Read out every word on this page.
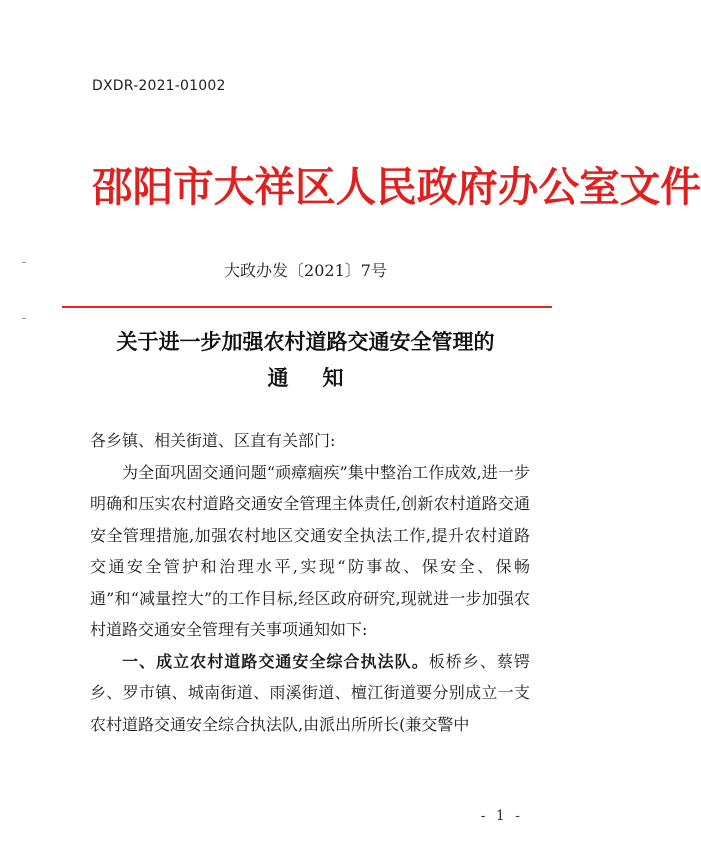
DXDR-2021-01002
邵阳市大祥区人民政府办公室文件
大政办发〔2021〕7号
关于进一步加强农村道路交通安全管理的
通知

各乡镇、相关街道、区直有关部门:

为全面巩固交通问题“顽瘴痼疾”集中整治工作成效,进一步明确和压实农村道路交通安全管理主体责任,创新农村道路交通安全管理措施,加强农村地区交通安全执法工作,提升农村道路交通安全管护和治理水平,实现“防事故、保安全、保畅通”和“减量控大”的工作目标,经区政府研究,现就进一步加强农村道路交通安全管理有关事项通知如下:

一、成立农村道路交通安全综合执法队。板桥乡、蔡锷乡、罗市镇、城南街道、雨溪街道、檀江街道要分别成立一支农村道路交通安全综合执法队,由派出所所长(兼交警中

- 1 -
